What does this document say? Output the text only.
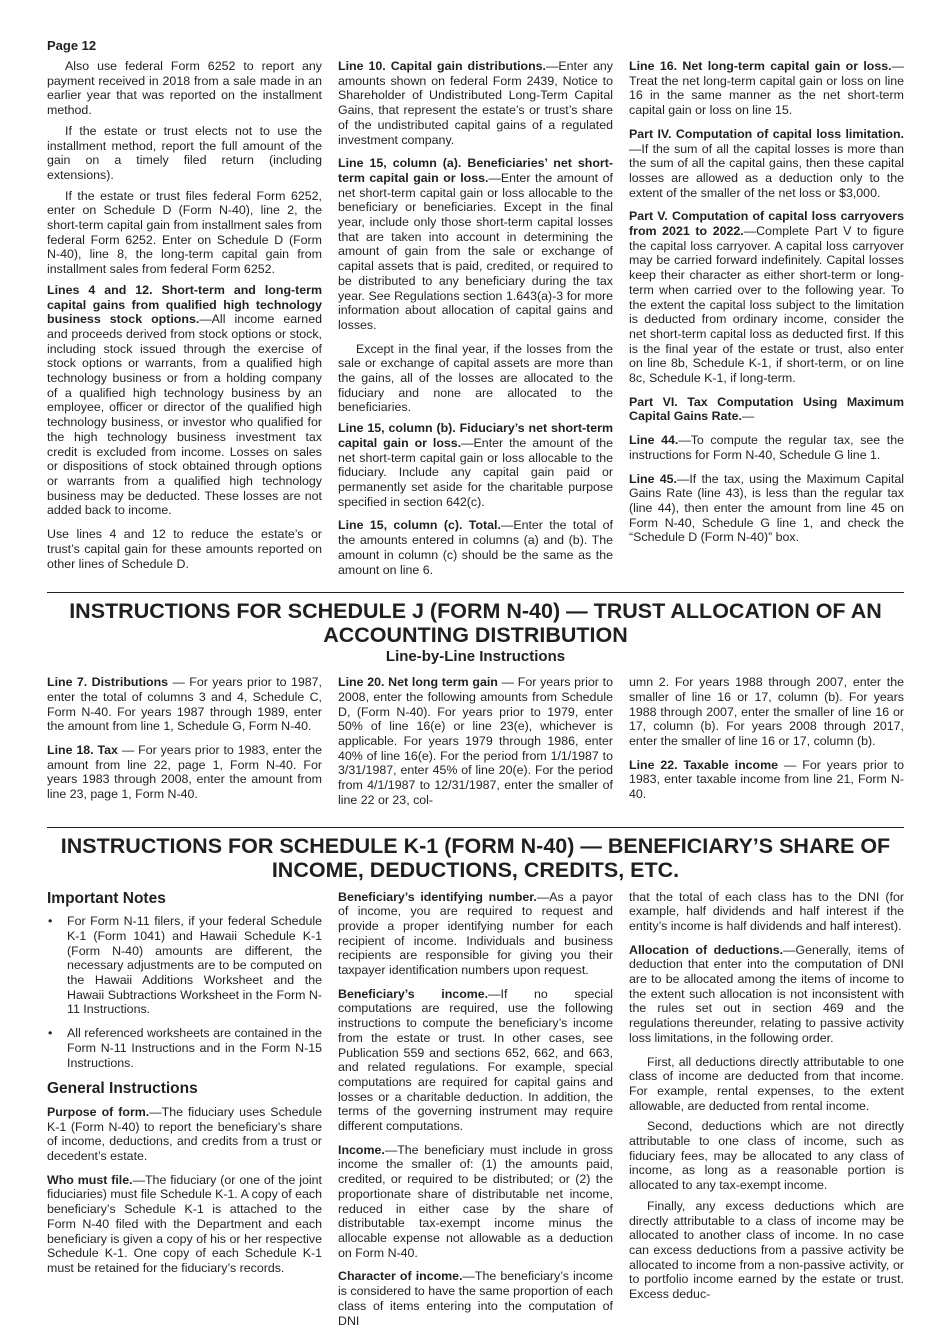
Page 12

Also use federal Form 6252 to report any payment received in 2018 from a sale made in an earlier year that was reported on the installment method.

If the estate or trust elects not to use the installment method, report the full amount of the gain on a timely filed return (including extensions).

If the estate or trust files federal Form 6252, enter on Schedule D (Form N-40), line 2, the short-term capital gain from installment sales from federal Form 6252. Enter on Schedule D (Form N-40), line 8, the long-term capital gain from installment sales from federal Form 6252.

Lines 4 and 12. Short-term and long-term capital gains from qualified high technology business stock options.—All income earned and proceeds derived from stock options or stock, including stock issued through the exercise of stock options or warrants, from a qualified high technology business or from a holding company of a qualified high technology business by an employee, officer or director of the qualified high technology business, or investor who qualified for the high technology business investment tax credit is excluded from income. Losses on sales or dispositions of stock obtained through options or warrants from a qualified high technology business may be deducted. These losses are not added back to income.

Use lines 4 and 12 to reduce the estate’s or trust’s capital gain for these amounts reported on other lines of Schedule D.

Line 10. Capital gain distributions.—Enter any amounts shown on federal Form 2439, Notice to Shareholder of Undistributed Long-Term Capital Gains, that represent the estate’s or trust’s share of the undistributed capital gains of a regulated investment company.

Line 15, column (a). Beneficiaries’ net short-term capital gain or loss.—Enter the amount of net short-term capital gain or loss allocable to the beneficiary or beneficiaries. Except in the final year, include only those short-term capital losses that are taken into account in determining the amount of gain from the sale or exchange of capital assets that is paid, credited, or required to be distributed to any beneficiary during the tax year. See Regulations section 1.643(a)-3 for more information about allocation of capital gains and losses.

Except in the final year, if the losses from the sale or exchange of capital assets are more than the gains, all of the losses are allocated to the fiduciary and none are allocated to the beneficiaries.

Line 15, column (b). Fiduciary’s net short-term capital gain or loss.—Enter the amount of the net short-term capital gain or loss allocable to the fiduciary. Include any capital gain paid or permanently set aside for the charitable purpose specified in section 642(c).

Line 15, column (c). Total.—Enter the total of the amounts entered in columns (a) and (b). The amount in column (c) should be the same as the amount on line 6.

Line 16. Net long-term capital gain or loss.—Treat the net long-term capital gain or loss on line 16 in the same manner as the net short-term capital gain or loss on line 15.

Part IV. Computation of capital loss limitation.—If the sum of all the capital losses is more than the sum of all the capital gains, then these capital losses are allowed as a deduction only to the extent of the smaller of the net loss or $3,000.

Part V. Computation of capital loss carryovers from 2021 to 2022.—Complete Part V to figure the capital loss carryover. A capital loss carryover may be carried forward indefinitely. Capital losses keep their character as either short-term or long-term when carried over to the following year. To the extent the capital loss subject to the limitation is deducted from ordinary income, consider the net short-term capital loss as deducted first. If this is the final year of the estate or trust, also enter on line 8b, Schedule K-1, if short-term, or on line 8c, Schedule K-1, if long-term.

Part VI. Tax Computation Using Maximum Capital Gains Rate.—

Line 44.—To compute the regular tax, see the instructions for Form N-40, Schedule G line 1.

Line 45.—If the tax, using the Maximum Capital Gains Rate (line 43), is less than the regular tax (line 44), then enter the amount from line 45 on Form N-40, Schedule G line 1, and check the “Schedule D (Form N-40)” box.

INSTRUCTIONS FOR SCHEDULE J (FORM N-40) — TRUST ALLOCATION OF AN ACCOUNTING DISTRIBUTION
Line-by-Line Instructions

Line 7. Distributions — For years prior to 1987, enter the total of columns 3 and 4, Schedule C, Form N-40. For years 1987 through 1989, enter the amount from line 1, Schedule G, Form N-40.

Line 18. Tax — For years prior to 1983, enter the amount from line 22, page 1, Form N-40. For years 1983 through 2008, enter the amount from line 23, page 1, Form N-40.

Line 20. Net long term gain — For years prior to 2008, enter the following amounts from Schedule D, (Form N-40). For years prior to 1979, enter 50% of line 16(e) or line 23(e), whichever is applicable. For years 1979 through 1986, enter 40% of line 16(e). For the period from 1/1/1987 to 3/31/1987, enter 45% of line 20(e). For the period from 4/1/1987 to 12/31/1987, enter the smaller of line 22 or 23, col-

umn 2. For years 1988 through 2007, enter the smaller of line 16 or 17, column (b). For years 1988 through 2007, enter the smaller of line 16 or 17, column (b). For years 2008 through 2017, enter the smaller of line 16 or 17, column (b).

Line 22. Taxable income — For years prior to 1983, enter taxable income from line 21, Form N-40.

INSTRUCTIONS FOR SCHEDULE K-1 (FORM N-40) — BENEFICIARY’S SHARE OF INCOME, DEDUCTIONS, CREDITS, ETC.
Important Notes
• For Form N-11 filers, if your federal Schedule K-1 (Form 1041) and Hawaii Schedule K-1 (Form N-40) amounts are different, the necessary adjustments are to be computed on the Hawaii Additions Worksheet and the Hawaii Subtractions Worksheet in the Form N-11 Instructions.
• All referenced worksheets are contained in the Form N-11 Instructions and in the Form N-15 Instructions.
General Instructions

Purpose of form.—The fiduciary uses Schedule K-1 (Form N-40) to report the beneficiary’s share of income, deductions, and credits from a trust or decedent’s estate.

Who must file.—The fiduciary (or one of the joint fiduciaries) must file Schedule K-1. A copy of each beneficiary’s Schedule K-1 is attached to the Form N-40 filed with the Department and each beneficiary is given a copy of his or her respective Schedule K-1. One copy of each Schedule K-1 must be retained for the fiduciary’s records.

Beneficiary’s identifying number.—As a payor of income, you are required to request and provide a proper identifying number for each recipient of income. Individuals and business recipients are responsible for giving you their taxpayer identification numbers upon request.

Beneficiary’s income.—If no special computations are required, use the following instructions to compute the beneficiary’s income from the estate or trust. In other cases, see Publication 559 and sections 652, 662, and 663, and related regulations. For example, special computations are required for capital gains and losses or a charitable deduction. In addition, the terms of the governing instrument may require different computations.

Income.—The beneficiary must include in gross income the smaller of: (1) the amounts paid, credited, or required to be distributed; or (2) the proportionate share of distributable net income, reduced in either case by the share of distributable tax-exempt income minus the allocable expense not allowable as a deduction on Form N-40.

Character of income.—The beneficiary’s income is considered to have the same proportion of each class of items entering into the computation of DNI

that the total of each class has to the DNI (for example, half dividends and half interest if the entity’s income is half dividends and half interest).

Allocation of deductions.—Generally, items of deduction that enter into the computation of DNI are to be allocated among the items of income to the extent such allocation is not inconsistent with the rules set out in section 469 and the regulations thereunder, relating to passive activity loss limitations, in the following order.

First, all deductions directly attributable to one class of income are deducted from that income. For example, rental expenses, to the extent allowable, are deducted from rental income.

Second, deductions which are not directly attributable to one class of income, such as fiduciary fees, may be allocated to any class of income, as long as a reasonable portion is allocated to any tax-exempt income.

Finally, any excess deductions which are directly attributable to a class of income may be allocated to another class of income. In no case can excess deductions from a passive activity be allocated to income from a non-passive activity, or to portfolio income earned by the estate or trust. Excess deduc-
